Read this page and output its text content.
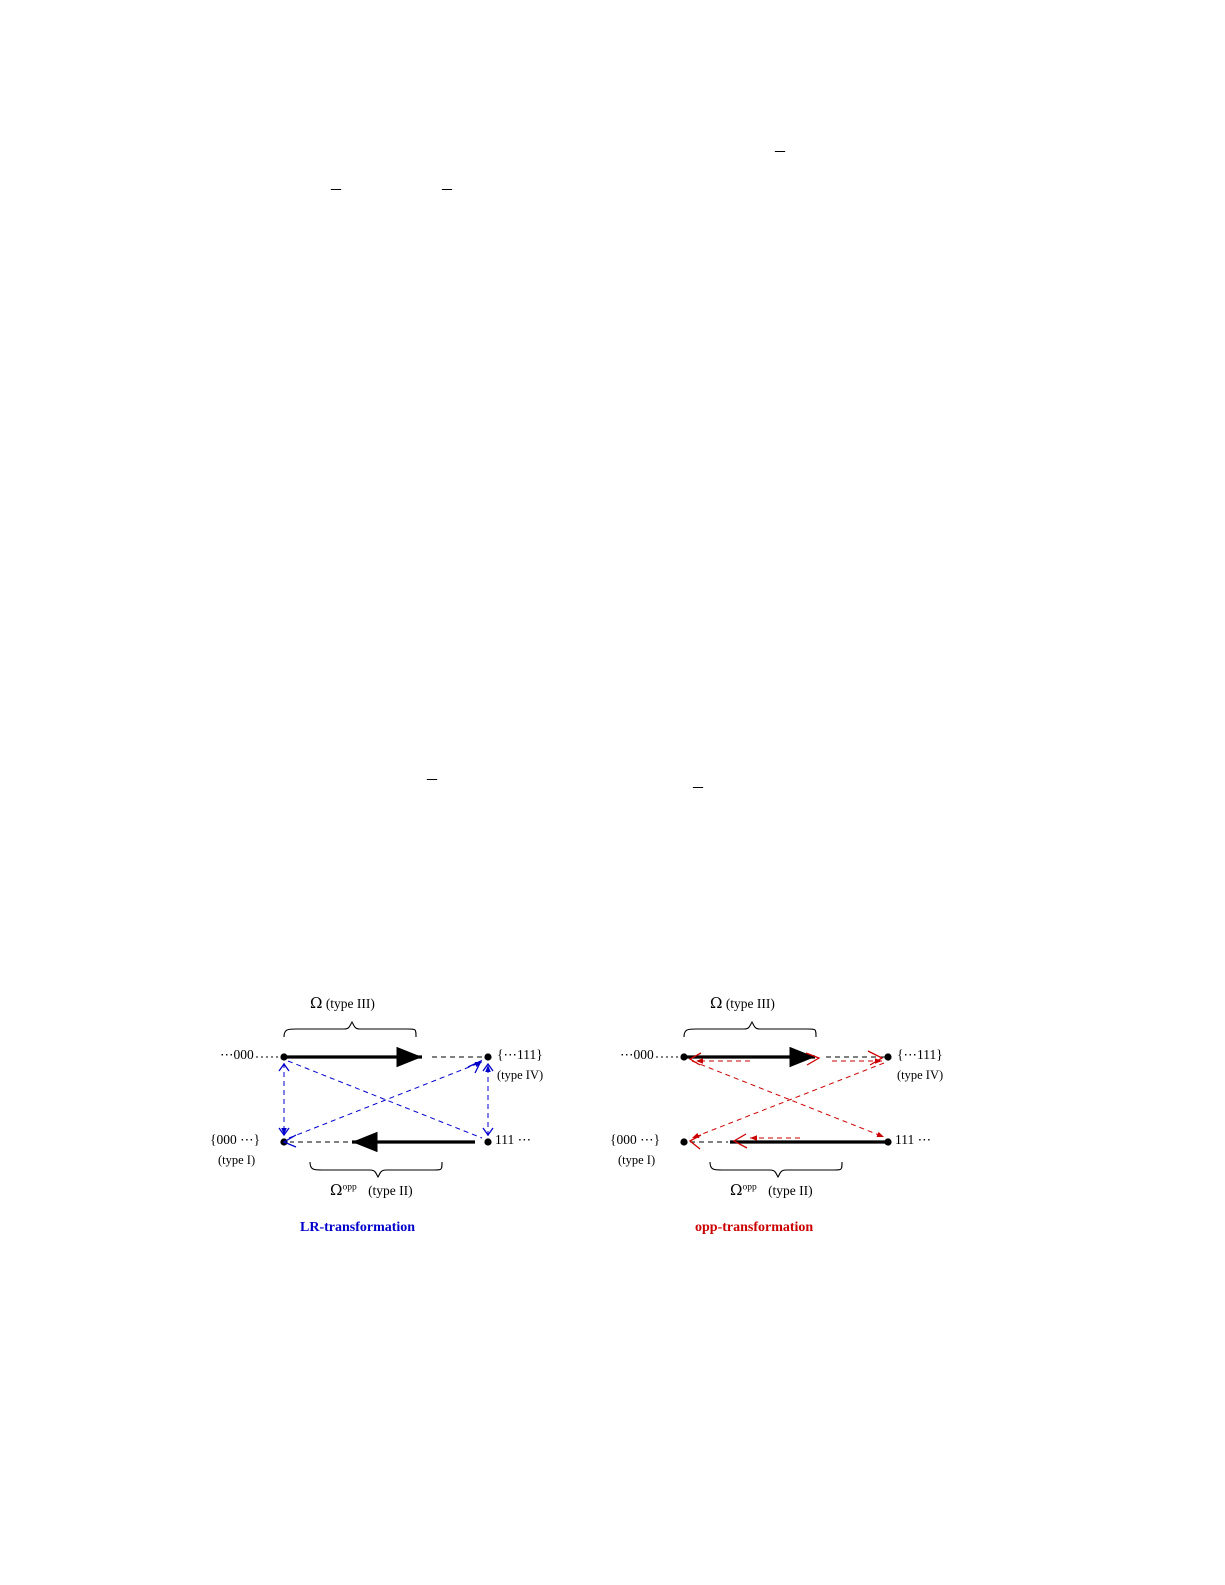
–
–	–
–	–
Ω (type III)
$\Omega^{opp}$ (type II)
⋯000	{⋯111}
(type IV)
{000 ⋯}
(type I)
111 ⋯
LR-transformation
Ω (type III)
$\Omega^{opp}$ (type II)
⋯000	{⋯111}
(type IV)
{000 ⋯}
(type I)
111 ⋯
opp-transformation
